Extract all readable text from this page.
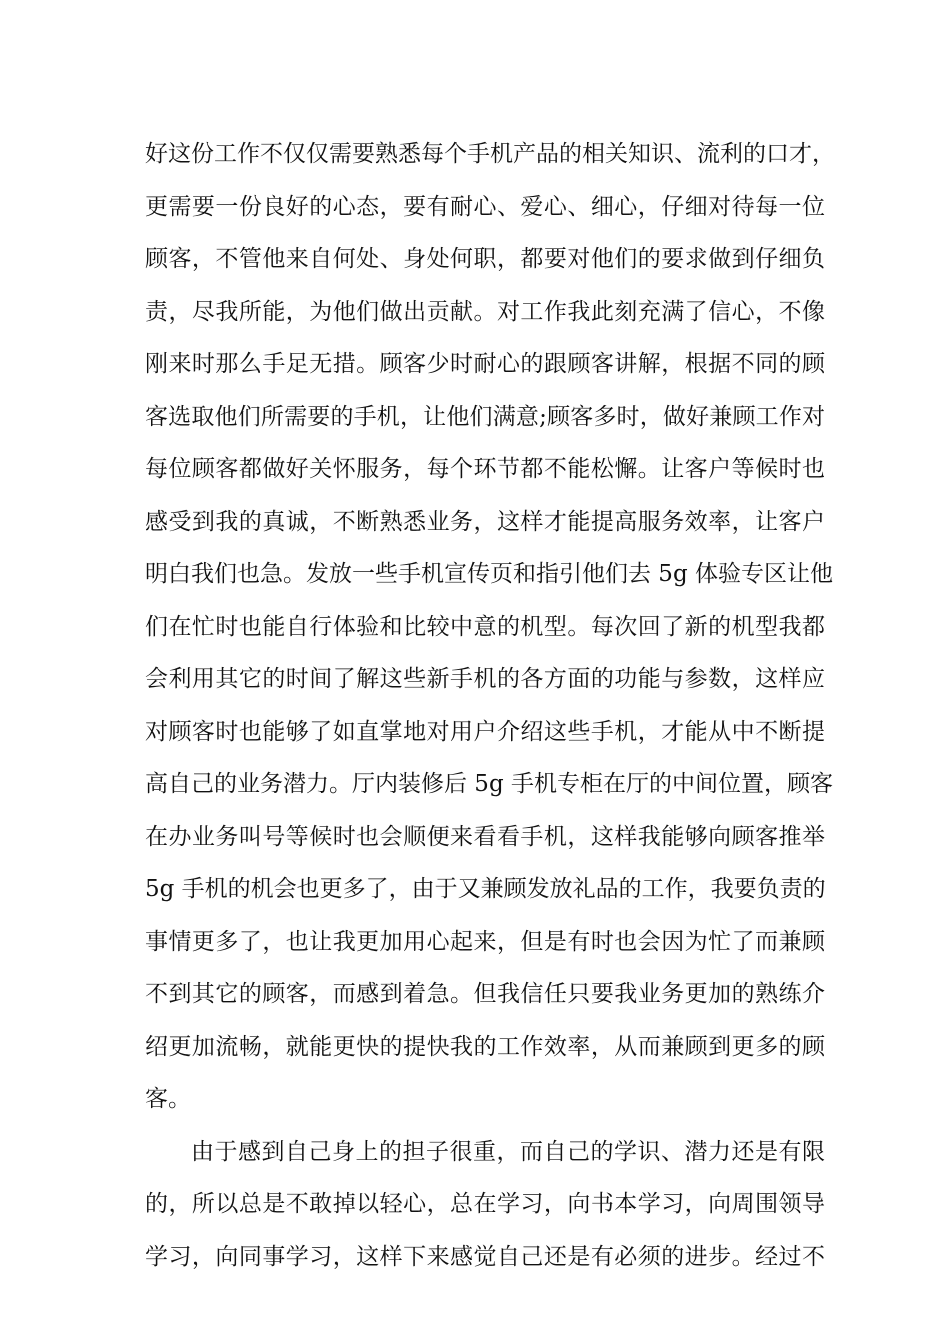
好这份工作不仅仅需要熟悉每个手机产品的相关知识、流利的口才，
更需要一份良好的心态，要有耐心、爱心、细心，仔细对待每一位
顾客，不管他来自何处、身处何职，都要对他们的要求做到仔细负
责，尽我所能，为他们做出贡献。对工作我此刻充满了信心，不像
刚来时那么手足无措。顾客少时耐心的跟顾客讲解，根据不同的顾
客选取他们所需要的手机，让他们满意;顾客多时，做好兼顾工作对
每位顾客都做好关怀服务，每个环节都不能松懈。让客户等候时也
感受到我的真诚，不断熟悉业务，这样才能提高服务效率，让客户
明白我们也急。发放一些手机宣传页和指引他们去 5g 体验专区让他
们在忙时也能自行体验和比较中意的机型。每次回了新的机型我都
会利用其它的时间了解这些新手机的各方面的功能与参数，这样应
对顾客时也能够了如直掌地对用户介绍这些手机，才能从中不断提
高自己的业务潜力。厅内装修后 5g 手机专柜在厅的中间位置，顾客
在办业务叫号等候时也会顺便来看看手机，这样我能够向顾客推举
5g 手机的机会也更多了，由于又兼顾发放礼品的工作，我要负责的
事情更多了，也让我更加用心起来，但是有时也会因为忙了而兼顾
不到其它的顾客，而感到着急。但我信任只要我业务更加的熟练介
绍更加流畅，就能更快的提快我的工作效率，从而兼顾到更多的顾
客。
由于感到自己身上的担子很重，而自己的学识、潜力还是有限
的，所以总是不敢掉以轻心，总在学习，向书本学习，向周围领导
学习，向同事学习，这样下来感觉自己还是有必须的进步。经过不
